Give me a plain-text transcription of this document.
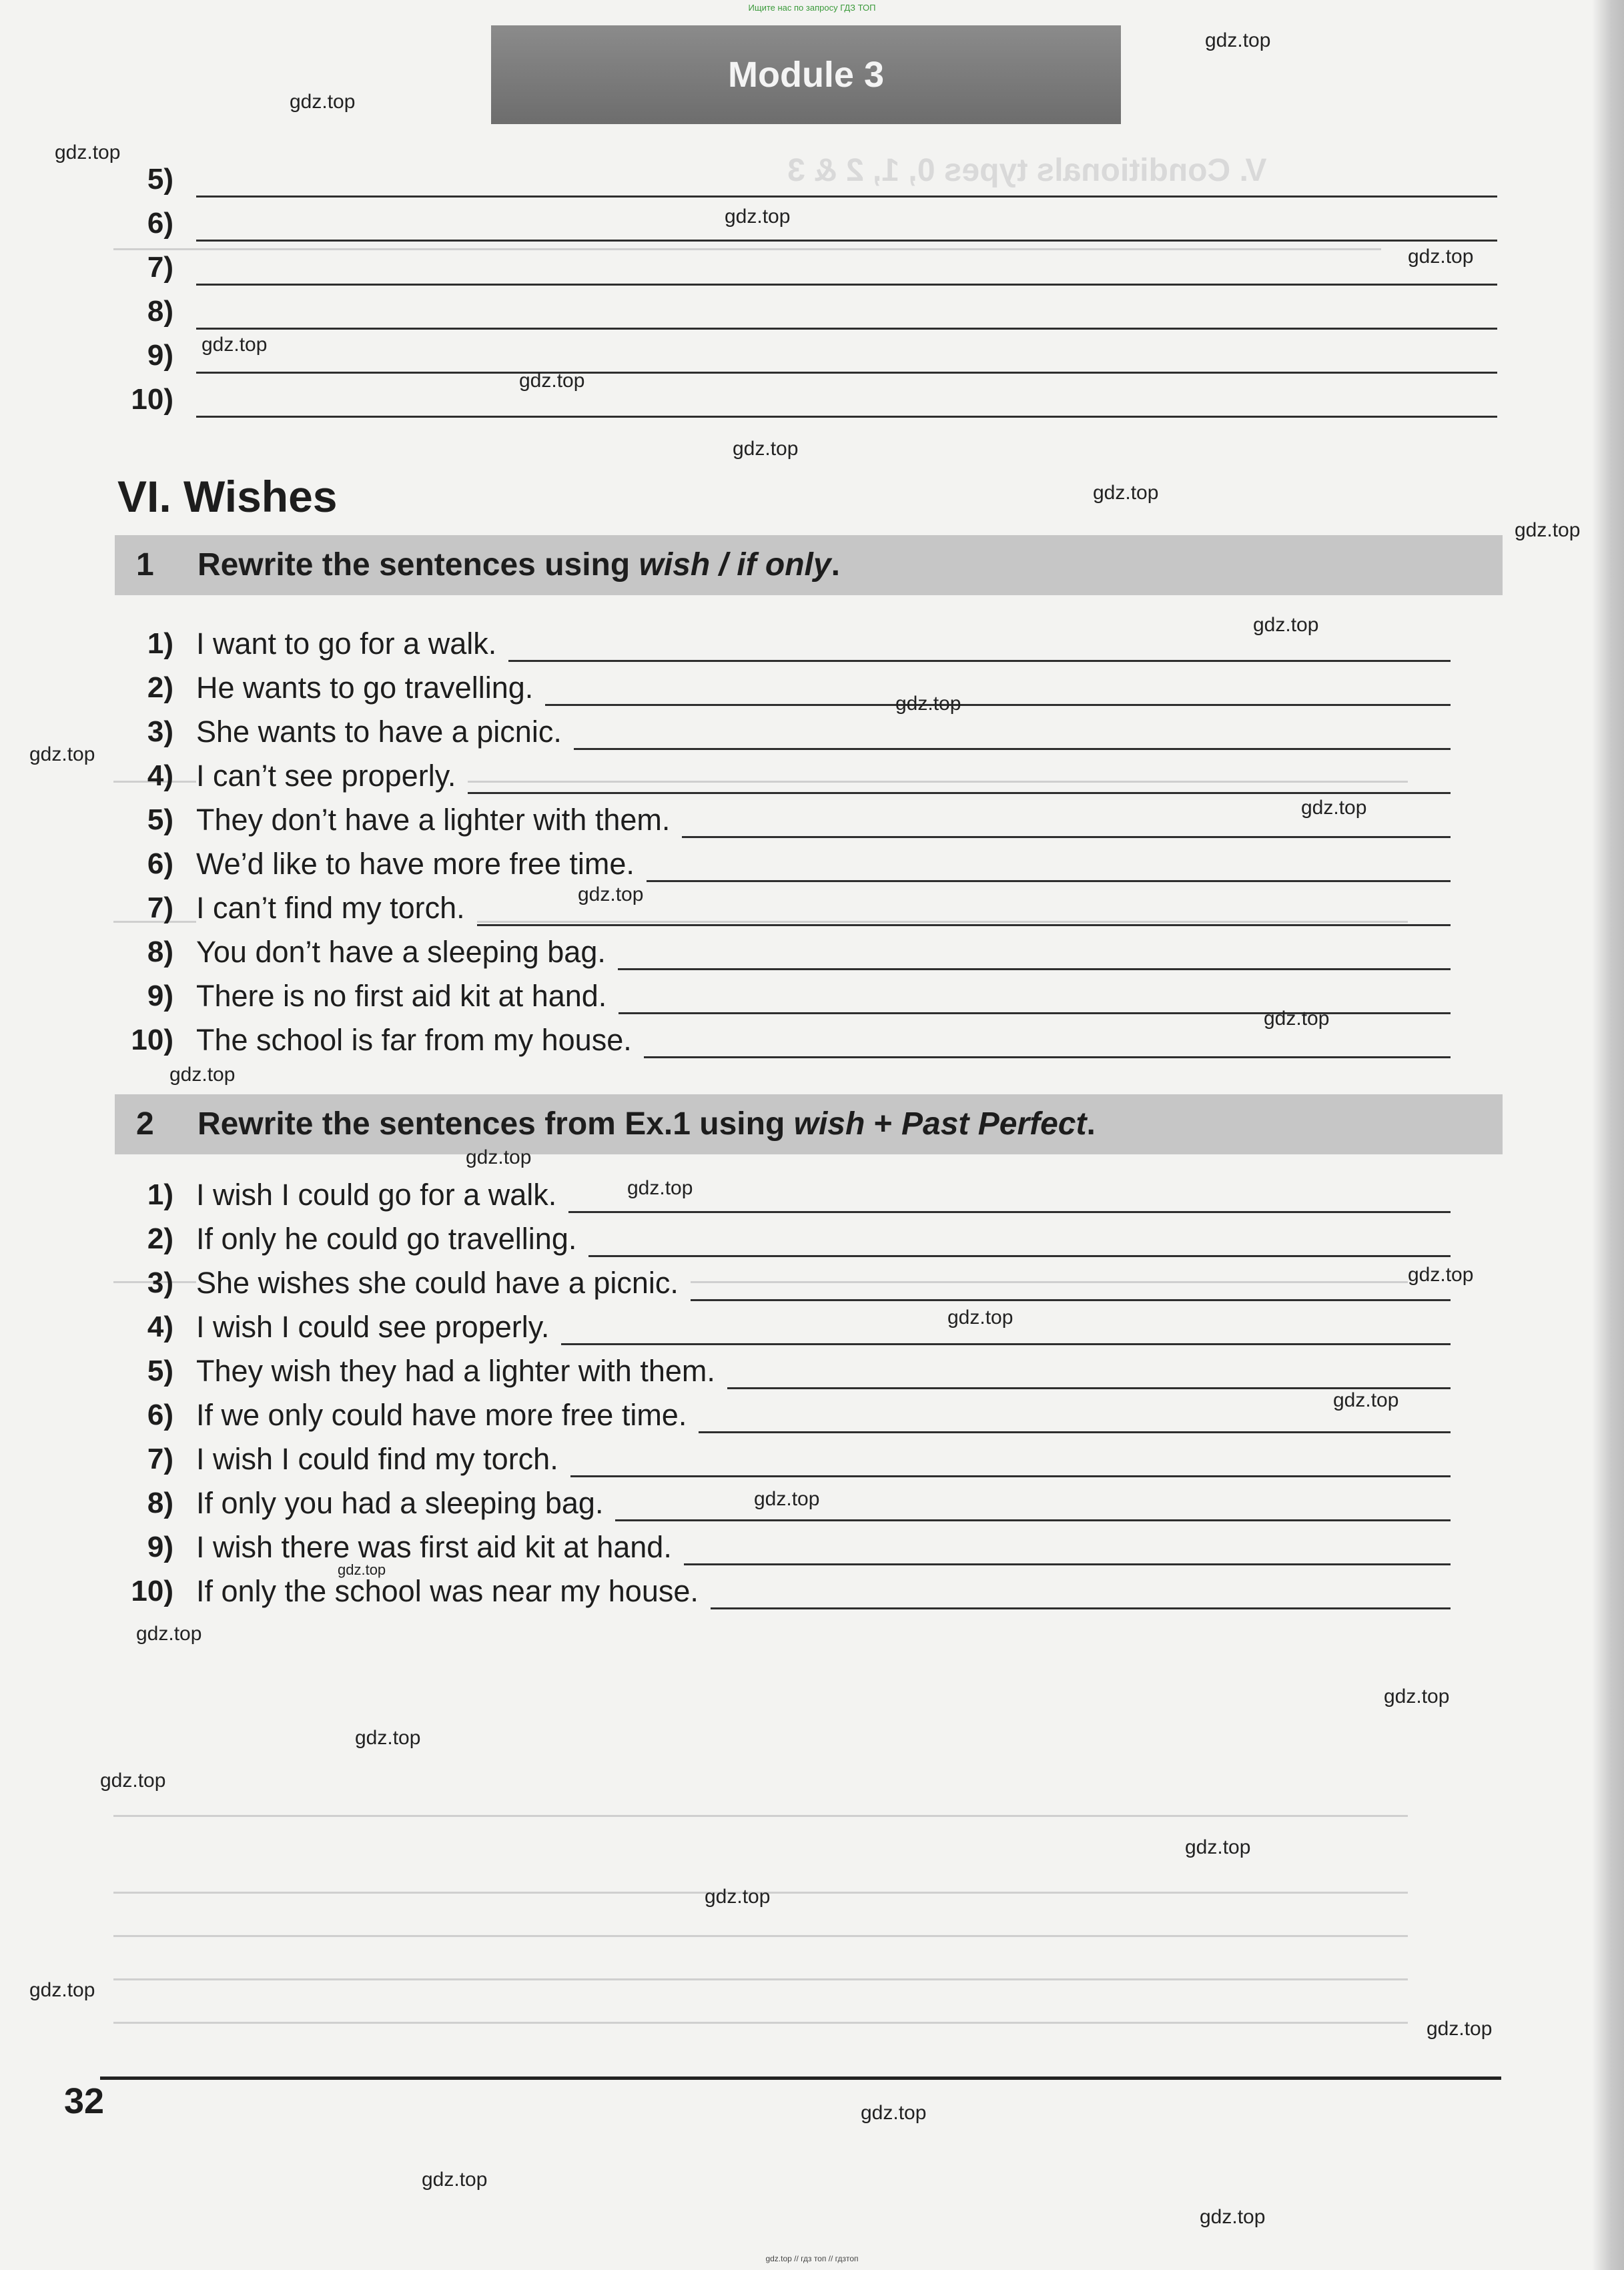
Ищите нас по запросу ГДЗ ТОП
Module 3
V. Conditionals types 0, 1, 2 & 3
5)
6)
7)
8)
9)
10)
VI. Wishes
1 Rewrite the sentences using wish / if only.
1) I want to go for a walk.
2) He wants to go travelling.
3) She wants to have a picnic.
4) I can’t see properly.
5) They don’t have a lighter with them.
6) We’d like to have more free time.
7) I can’t find my torch.
8) You don’t have a sleeping bag.
9) There is no first aid kit at hand.
10) The school is far from my house.
2 Rewrite the sentences from Ex.1 using wish + Past Perfect.
1) I wish I could go for a walk.
2) If only he could go travelling.
3) She wishes she could have a picnic.
4) I wish I could see properly.
5) They wish they had a lighter with them.
6) If we only could have more free time.
7) I wish I could find my torch.
8) If only you had a sleeping bag.
9) I wish there was first aid kit at hand.
10) If only the school was near my house.
32
gdz.top // гдз топ // гдзтоп
gdz.top
gdz.top
gdz.top
gdz.top
gdz.top
gdz.top
gdz.top
gdz.top
gdz.top
gdz.top
gdz.top
gdz.top
gdz.top
gdz.top
gdz.top
gdz.top
gdz.top
gdz.top
gdz.top
gdz.top
gdz.top
gdz.top
gdz.top
gdz.top
gdz.top
gdz.top
gdz.top
gdz.top
gdz.top
gdz.top
gdz.top
gdz.top
gdz.top
gdz.top
gdz.top
